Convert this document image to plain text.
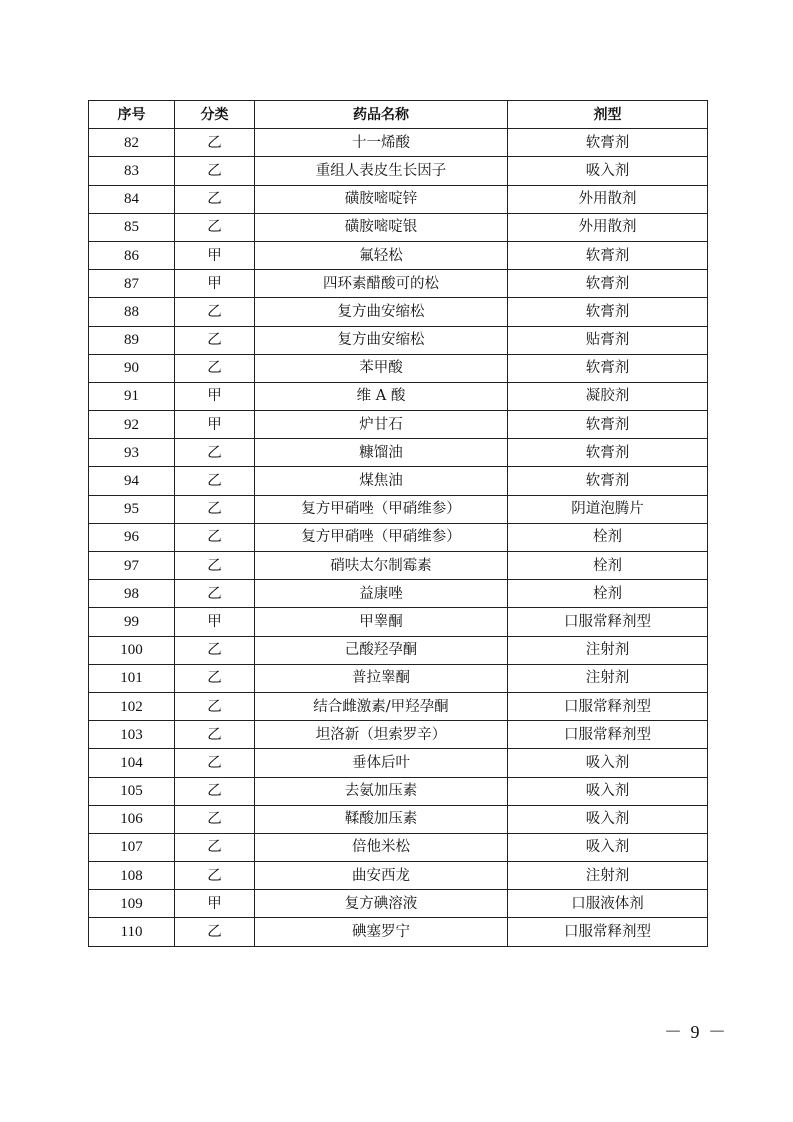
序号	分类	药品名称	剂型
82	乙	十一烯酸	软膏剂
83	乙	重组人表皮生长因子	吸入剂
84	乙	磺胺嘧啶锌	外用散剂
85	乙	磺胺嘧啶银	外用散剂
86	甲	氟轻松	软膏剂
87	甲	四环素醋酸可的松	软膏剂
88	乙	复方曲安缩松	软膏剂
89	乙	复方曲安缩松	贴膏剂
90	乙	苯甲酸	软膏剂
91	甲	维 A 酸	凝胶剂
92	甲	炉甘石	软膏剂
93	乙	糠馏油	软膏剂
94	乙	煤焦油	软膏剂
95	乙	复方甲硝唑（甲硝维参）	阴道泡腾片
96	乙	复方甲硝唑（甲硝维参）	栓剂
97	乙	硝呋太尔制霉素	栓剂
98	乙	益康唑	栓剂
99	甲	甲睾酮	口服常释剂型
100	乙	己酸羟孕酮	注射剂
101	乙	普拉睾酮	注射剂
102	乙	结合雌激素/甲羟孕酮	口服常释剂型
103	乙	坦洛新（坦索罗辛）	口服常释剂型
104	乙	垂体后叶	吸入剂
105	乙	去氨加压素	吸入剂
106	乙	鞣酸加压素	吸入剂
107	乙	倍他米松	吸入剂
108	乙	曲安西龙	注射剂
109	甲	复方碘溶液	口服液体剂
110	乙	碘塞罗宁	口服常释剂型
－ 9 －
